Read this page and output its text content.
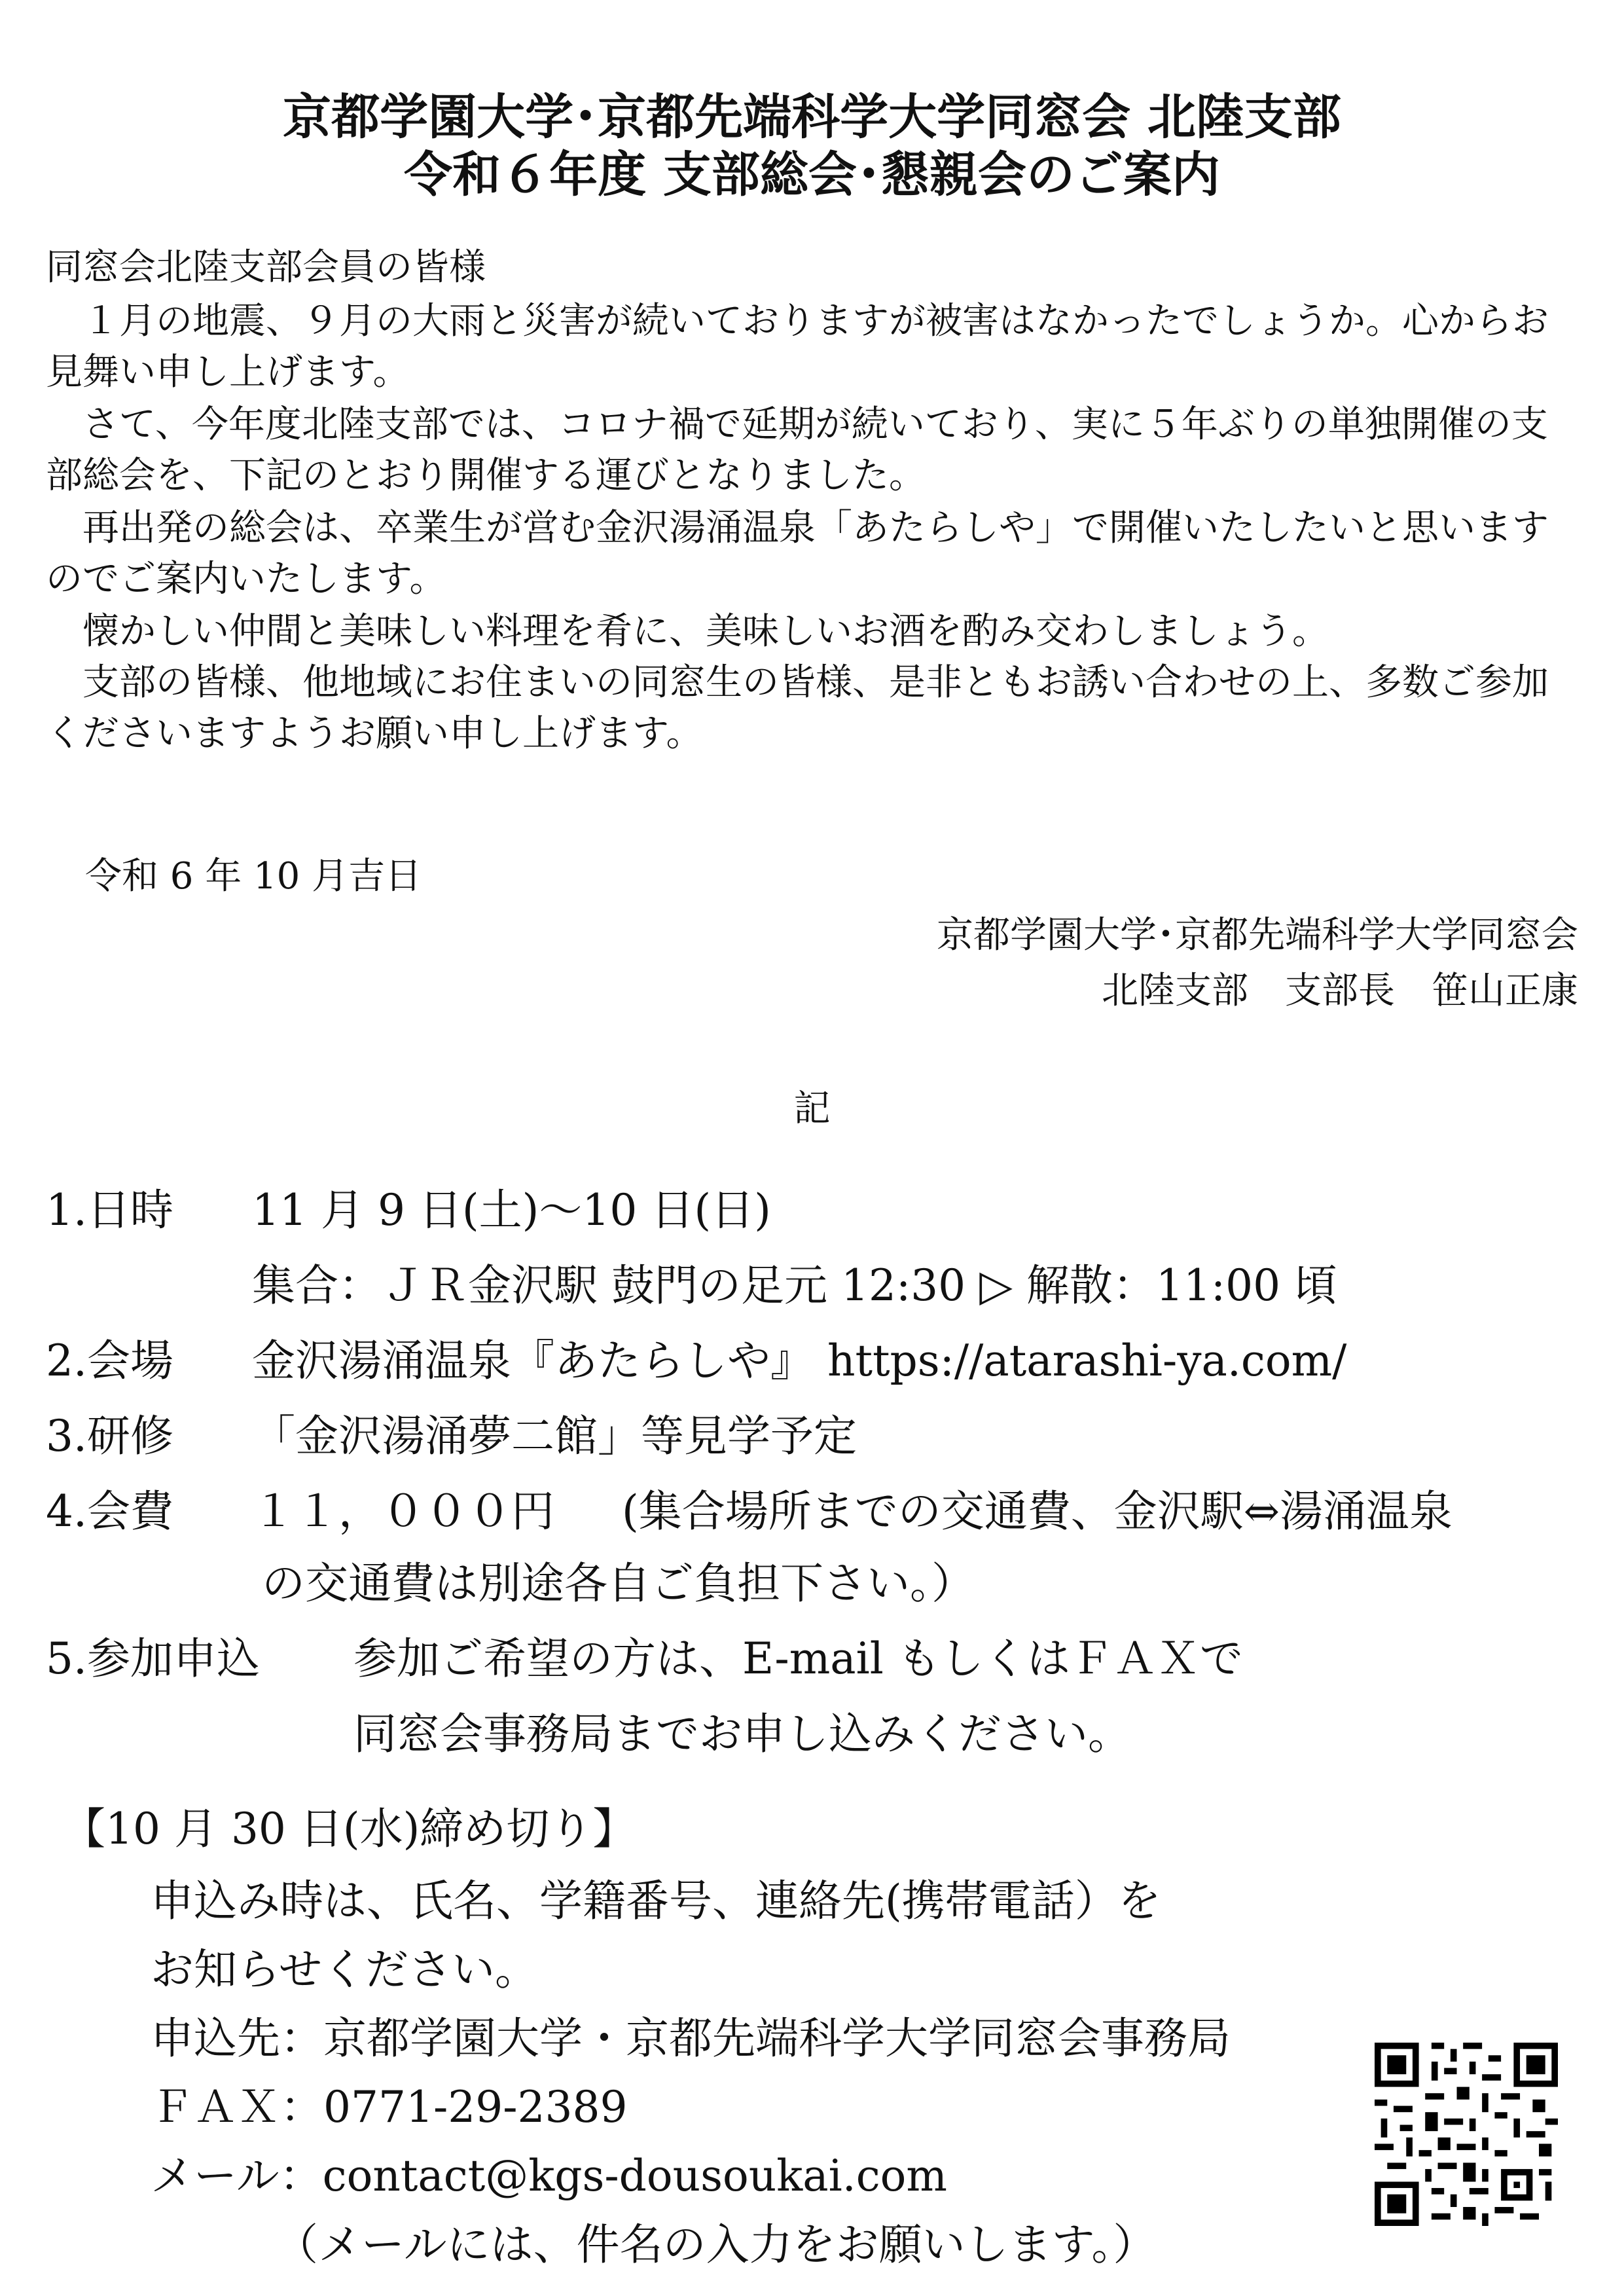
京都学園大学･京都先端科学大学同窓会 北陸支部
令和６年度 支部総会･懇親会のご案内
同窓会北陸支部会員の皆様
　１月の地震、９月の大雨と災害が続いておりますが被害はなかったでしょうか。心からお見舞い申し上げます。
　さて、今年度北陸支部では、コロナ禍で延期が続いており、実に５年ぶりの単独開催の支部総会を、下記のとおり開催する運びとなりました。
　再出発の総会は、卒業生が営む金沢湯涌温泉「あたらしや」で開催いたしたいと思いますのでご案内いたします。
　懐かしい仲間と美味しい料理を肴に、美味しいお酒を酌み交わしましょう。
　支部の皆様、他地域にお住まいの同窓生の皆様、是非ともお誘い合わせの上、多数ご参加くださいますようお願い申し上げます。
令和 6 年 10 月吉日
京都学園大学･京都先端科学大学同窓会
北陸支部　支部長　笹山正康
記
1.日時 11 月 9 日(土)～10 日(日)
集合：ＪＲ金沢駅 鼓門の足元 12:30 ▷ 解散：11:00 頃
2.会場 金沢湯涌温泉『あたらしや』 https://atarashi-ya.com/
3.研修 「金沢湯涌夢二館」等見学予定
4.会費 １１，０００円 (集合場所までの交通費、金沢駅⇔湯涌温泉
の交通費は別途各自ご負担下さい。）
5.参加申込 参加ご希望の方は、E-mail もしくはＦＡＸで
同窓会事務局までお申し込みください。
【10 月 30 日(水)締め切り】
申込み時は、氏名、学籍番号、連絡先(携帯電話）を
お知らせください。
申込先：京都学園大学・京都先端科学大学同窓会事務局
ＦＡＸ：0771-29-2389
メール：contact@kgs-dousoukai.com
（メールには、件名の入力をお願いします。）
